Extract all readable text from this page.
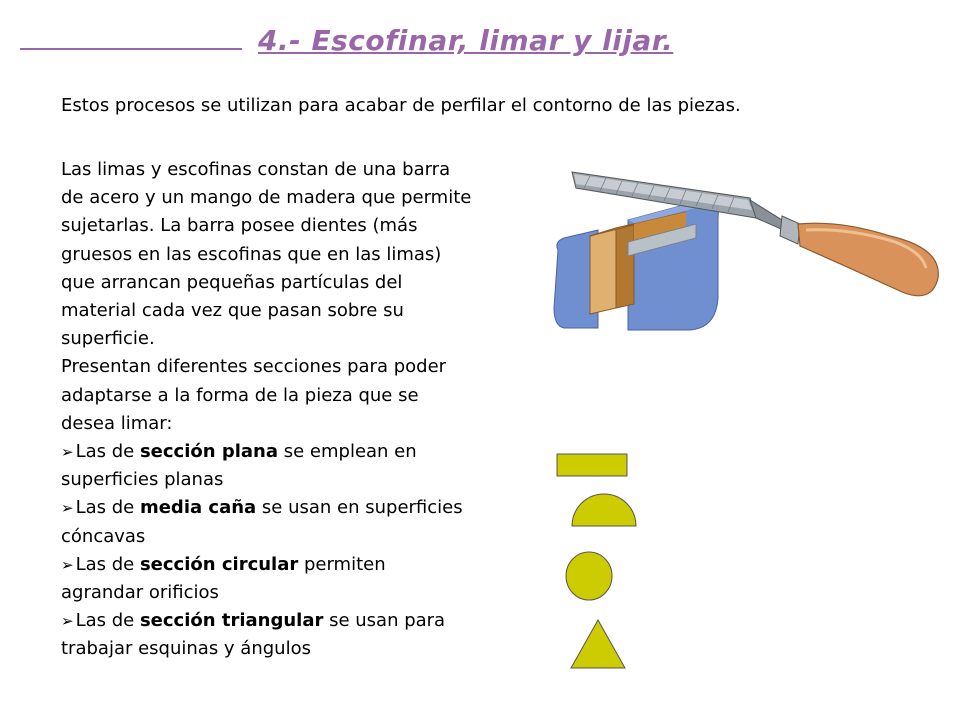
4.- Escofinar, limar y lijar.
Estos procesos se utilizan para acabar de perfilar el contorno de las piezas.

Las limas y escofinas constan de una barra
de acero y un mango de madera que permite
sujetarlas. La barra posee dientes (más
gruesos en las escofinas que en las limas)
que arrancan pequeñas partículas del
material cada vez que pasan sobre su
superficie.

Presentan diferentes secciones para poder
adaptarse a la forma de la pieza que se
desea limar:

➢ Las de sección plana se emplean en
superficies planas

➢ Las de media caña se usan en superficies
cóncavas

➢ Las de sección circular permiten
agrandar orificios

➢ Las de sección triangular se usan para
trabajar esquinas y ángulos
